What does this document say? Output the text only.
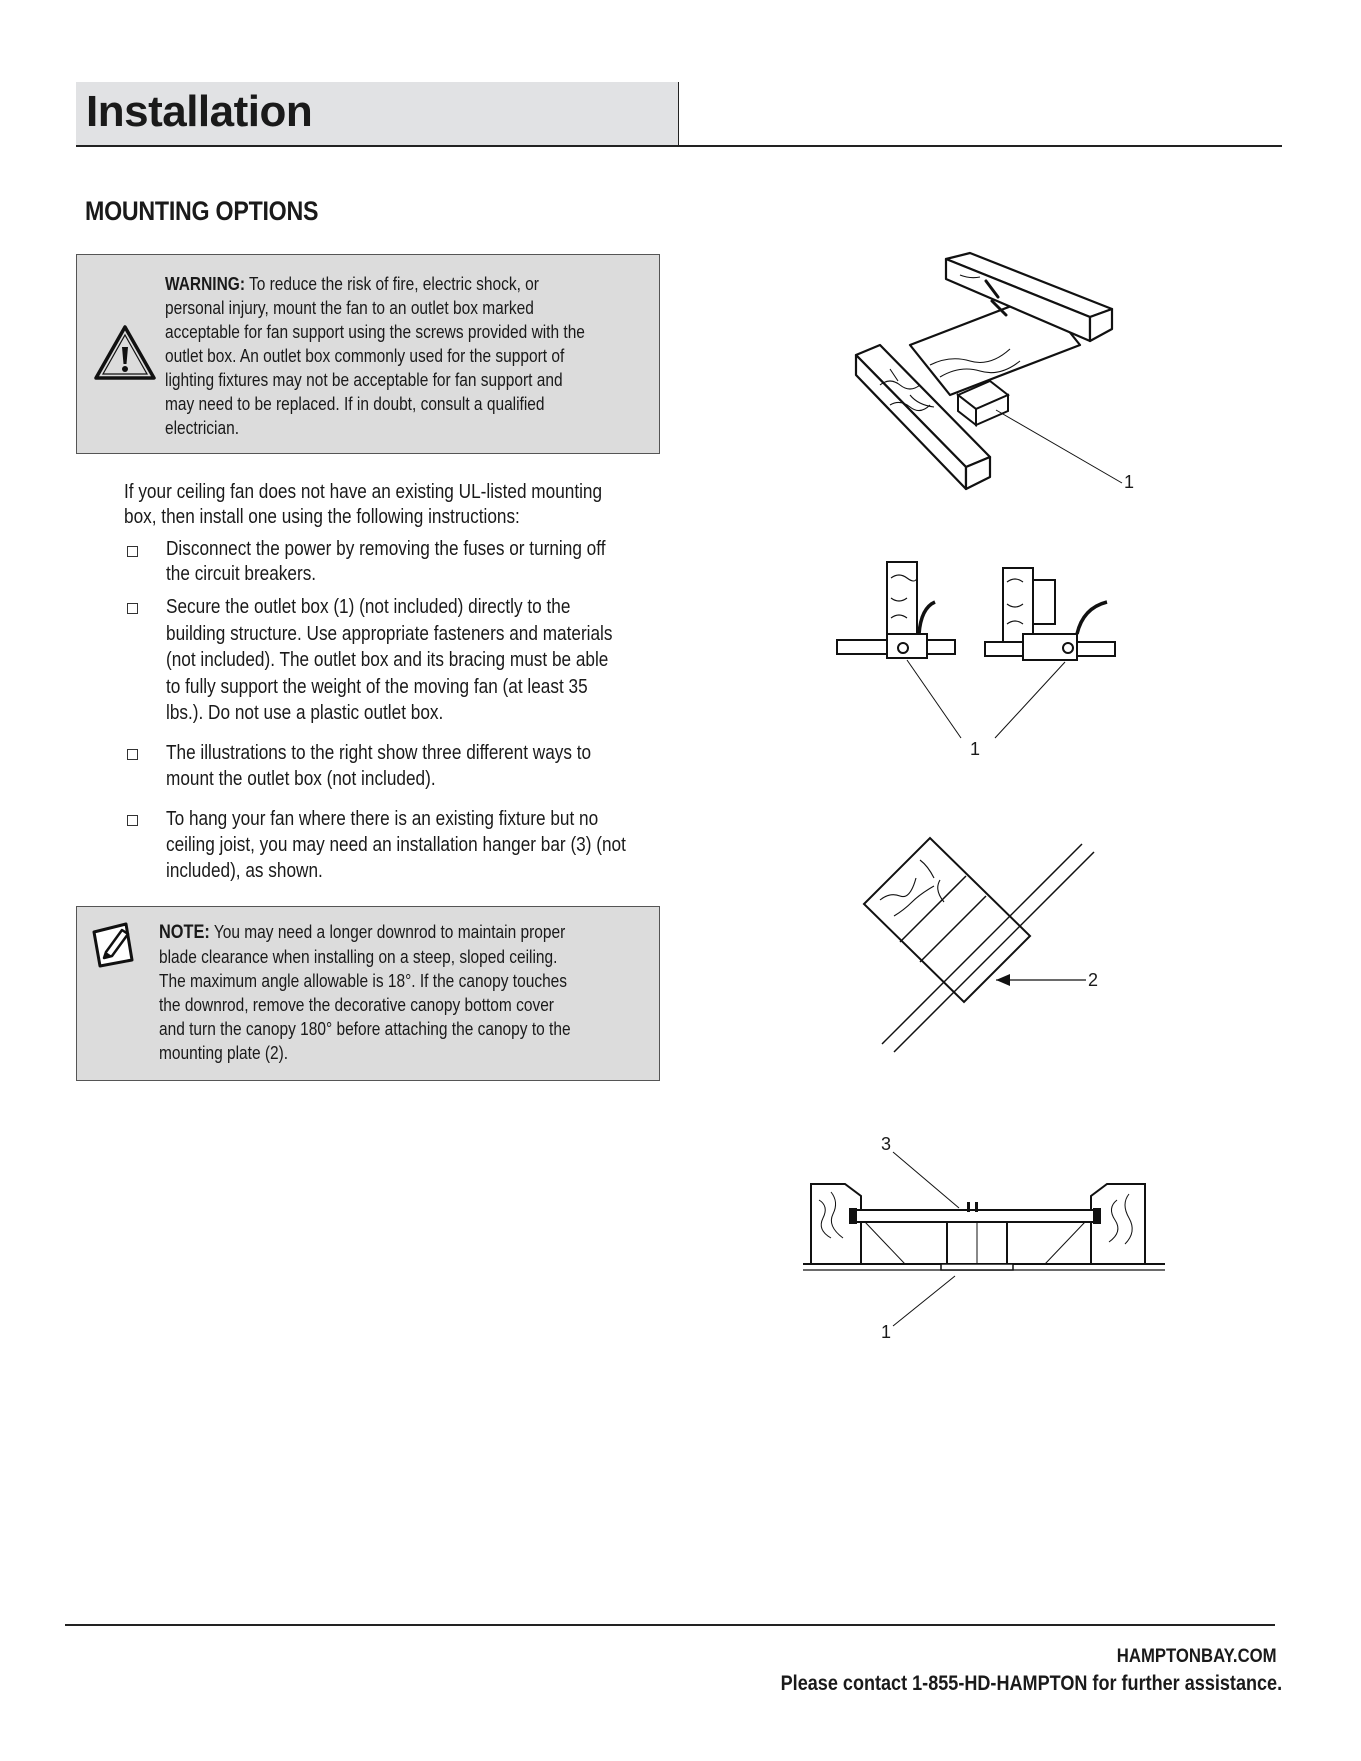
Installation
MOUNTING OPTIONS
WARNING: To reduce the risk of fire, electric shock, or
personal injury, mount the fan to an outlet box marked
acceptable for fan support using the screws provided with the
outlet box. An outlet box commonly used for the support of
lighting fixtures may not be acceptable for fan support and
may need to be replaced. If in doubt, consult a qualified
electrician.
If your ceiling fan does not have an existing UL-listed mounting
box, then install one using the following instructions:
Disconnect the power by removing the fuses or turning off
the circuit breakers.
Secure the outlet box (1) (not included) directly to the
building structure. Use appropriate fasteners and materials
(not included). The outlet box and its bracing must be able
to fully support the weight of the moving fan (at least 35
lbs.). Do not use a plastic outlet box.
The illustrations to the right show three different ways to
mount the outlet box (not included).
To hang your fan where there is an existing fixture but no
ceiling joist, you may need an installation hanger bar (3) (not
included), as shown.
NOTE: You may need a longer downrod to maintain proper
blade clearance when installing on a steep, sloped ceiling.
The maximum angle allowable is 18°. If the canopy touches
the downrod, remove the decorative canopy bottom cover
and turn the canopy 180° before attaching the canopy to the
mounting plate (2).
1
1
2
3
1
HAMPTONBAY.COM
Please contact 1-855-HD-HAMPTON for further assistance.
